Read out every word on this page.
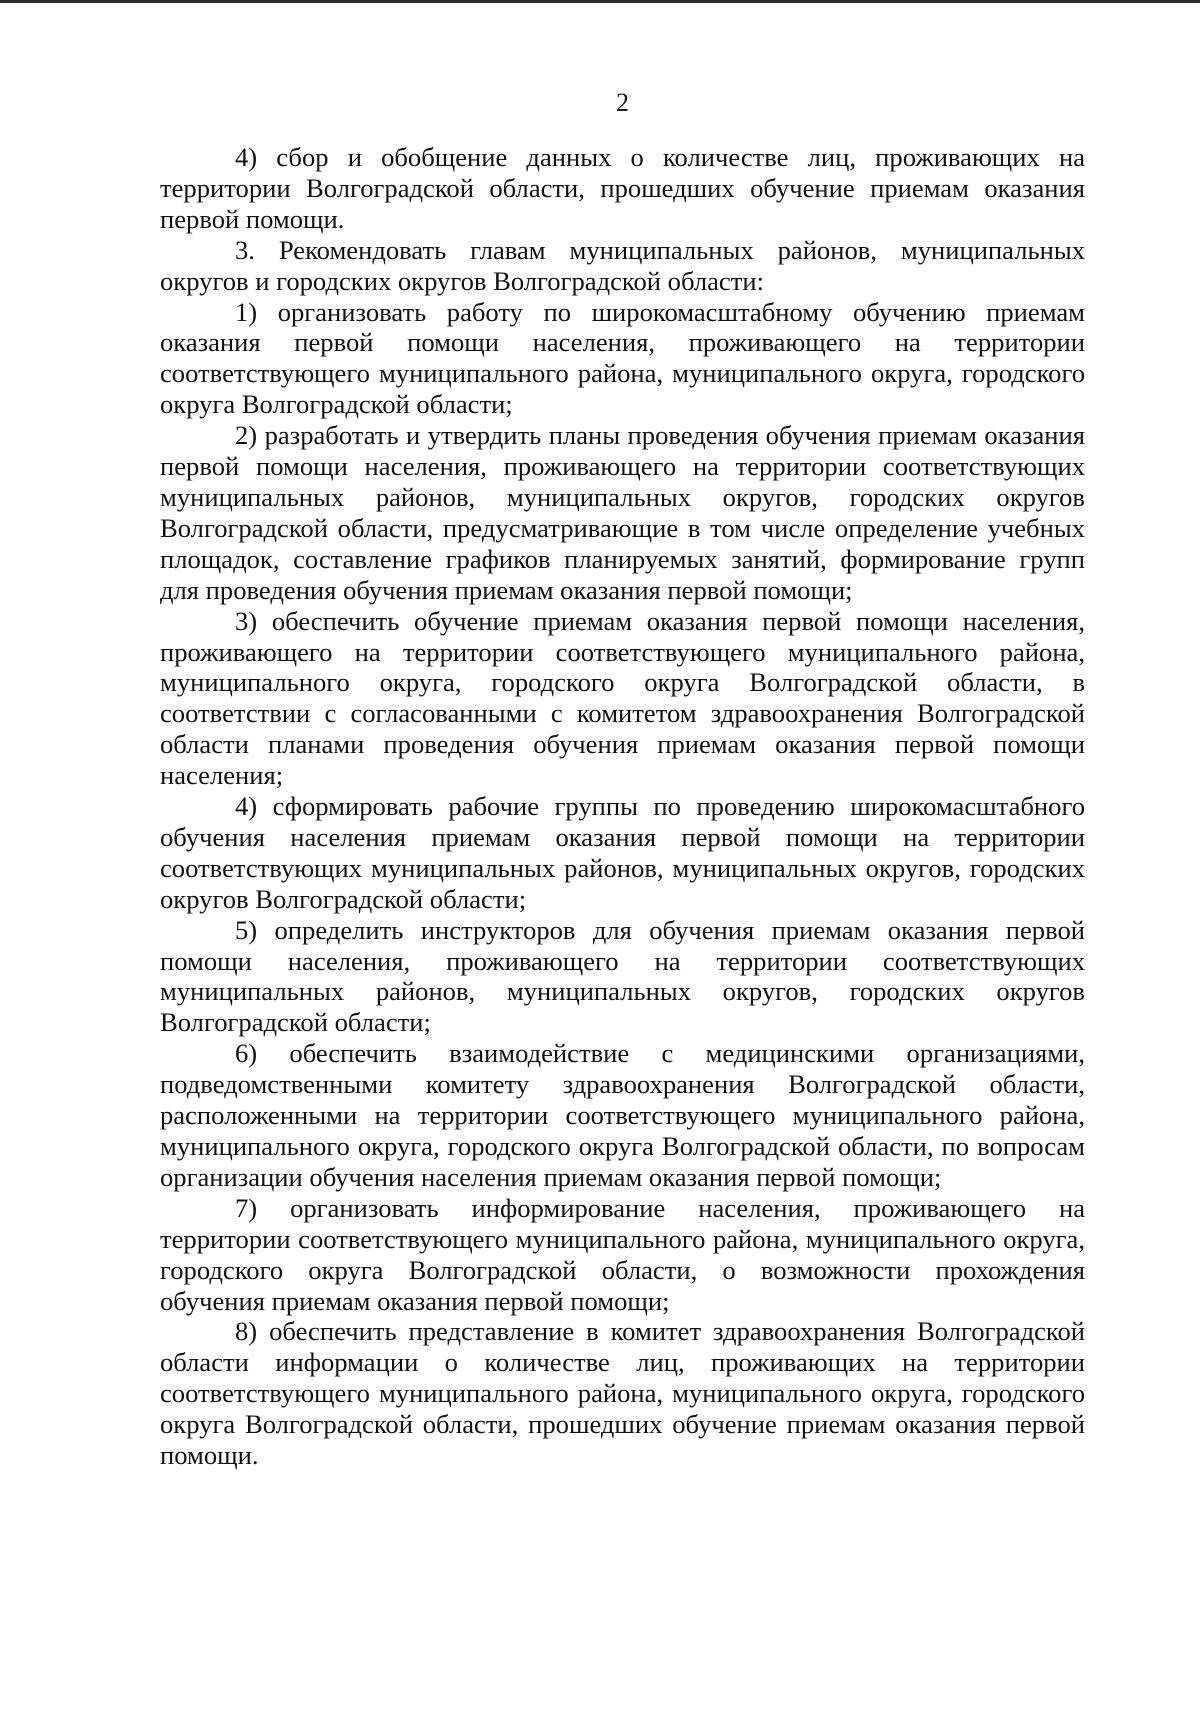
2

4) сбор и обобщение данных о количестве лиц, проживающих на территории Волгоградской области, прошедших обучение приемам оказания первой помощи.

3. Рекомендовать главам муниципальных районов, муниципальных округов и городских округов Волгоградской области:

1) организовать работу по широкомасштабному обучению приемам оказания первой помощи населения, проживающего на территории соответствующего муниципального района, муниципального округа, городского округа Волгоградской области;

2) разработать и утвердить планы проведения обучения приемам оказания первой помощи населения, проживающего на территории соответствующих муниципальных районов, муниципальных округов, городских округов Волгоградской области, предусматривающие в том числе определение учебных площадок, составление графиков планируемых занятий, формирование групп для проведения обучения приемам оказания первой помощи;

3) обеспечить обучение приемам оказания первой помощи населения, проживающего на территории соответствующего муниципального района, муниципального округа, городского округа Волгоградской области, в соответствии с согласованными с комитетом здравоохранения Волгоградской области планами проведения обучения приемам оказания первой помощи населения;

4) сформировать рабочие группы по проведению широкомасштабного обучения населения приемам оказания первой помощи на территории соответствующих муниципальных районов, муниципальных округов, городских округов Волгоградской области;

5) определить инструкторов для обучения приемам оказания первой помощи населения, проживающего на территории соответствующих муниципальных районов, муниципальных округов, городских округов Волгоградской области;

6) обеспечить взаимодействие с медицинскими организациями, подведомственными комитету здравоохранения Волгоградской области, расположенными на территории соответствующего муниципального района, муниципального округа, городского округа Волгоградской области, по вопросам организации обучения населения приемам оказания первой помощи;

7) организовать информирование населения, проживающего на территории соответствующего муниципального района, муниципального округа, городского округа Волгоградской области, о возможности прохождения обучения приемам оказания первой помощи;

8) обеспечить представление в комитет здравоохранения Волгоградской области информации о количестве лиц, проживающих на территории соответствующего муниципального района, муниципального округа, городского округа Волгоградской области, прошедших обучение приемам оказания первой помощи.
